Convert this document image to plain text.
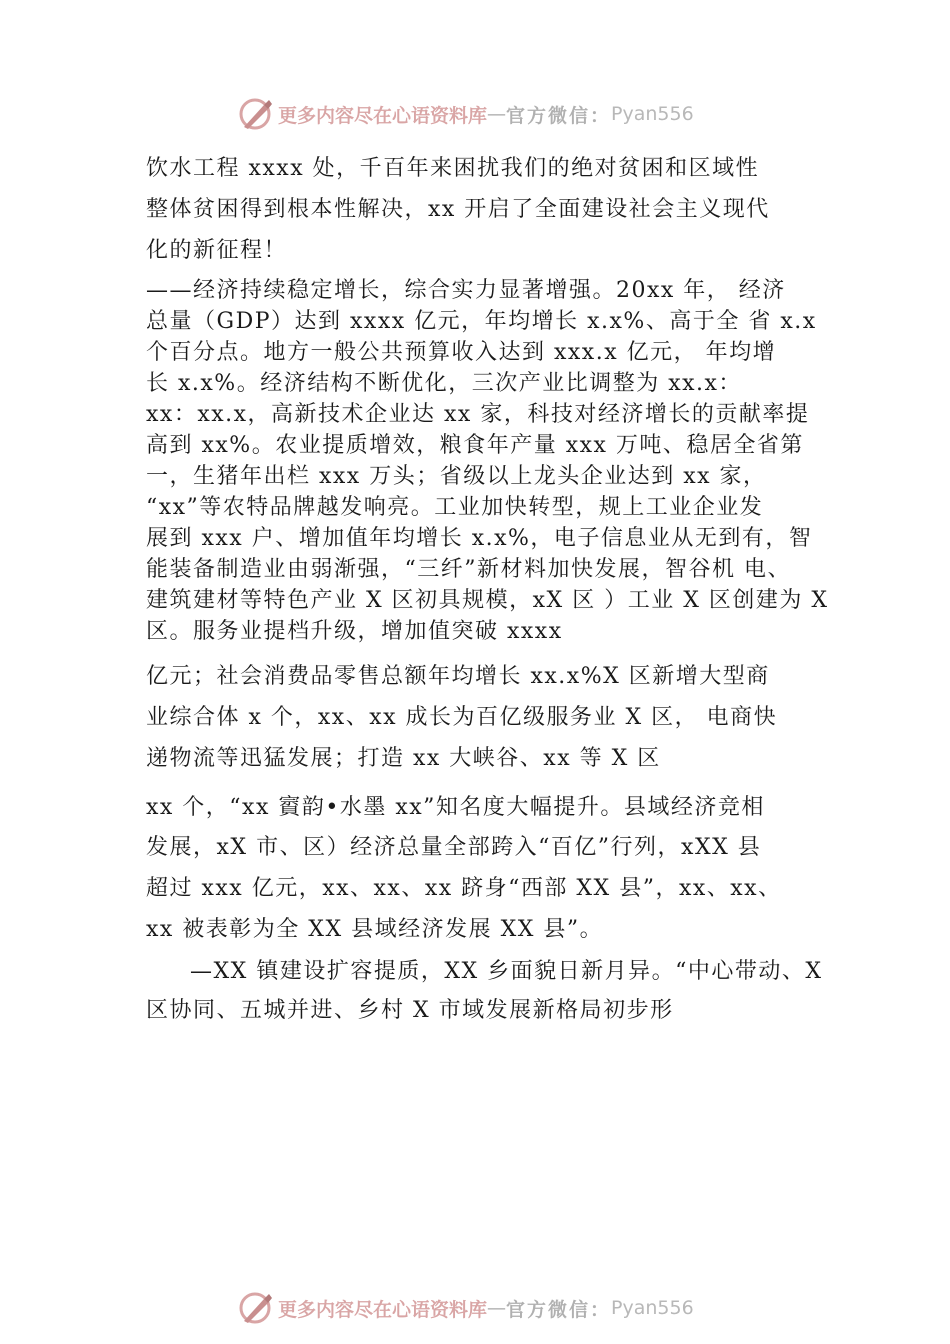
更多内容尽在心语资料库 — 官方微信： Pyan556
饮水工程 xxxx 处，千百年来困扰我们的绝对贫困和区域性
整体贫困得到根本性解决，xx 开启了全面建设社会主义现代
化的新征程！
——经济持续稳定增长，综合实力显著增强。20xx 年， 经济
总量（GDP）达到 xxxx 亿元，年均增长 x.x%、高于全 省 x.x
个百分点。地方一般公共预算收入达到 xxx.x 亿元， 年均增
长 x.x%。经济结构不断优化，三次产业比调整为 xx.x：
xx：xx.x，高新技术企业达 xx 家，科技对经济增长的贡献率提
高到 xx%。农业提质增效，粮食年产量 xxx 万吨、稳居全省第
一，生猪年出栏 xxx 万头；省级以上龙头企业达到 xx 家，
“xx”等农特品牌越发响亮。工业加快转型，规上工业企业发
展到 xxx 户、增加值年均增长 x.x%，电子信息业从无到有，智
能装备制造业由弱渐强，“三纤”新材料加快发展，智谷机 电、
建筑建材等特色产业 X 区初具规模，xX 区 ）工业 X 区创建为 X
区。服务业提档升级，增加值突破 xxxx
亿元；社会消费品零售总额年均增长 xx.x%X 区新增大型商
业综合体 x 个，xx、xx 成长为百亿级服务业 X 区， 电商快
递物流等迅猛发展；打造 xx 大峡谷、xx 等 X 区
xx 个，“xx 賨韵•水墨 xx”知名度大幅提升。县域经济竞相
发展，xX 市、区）经济总量全部跨入“百亿”行列，xXX 县
超过 xxx 亿元，xx、xx、xx 跻身“西部 XX 县”，xx、xx、
xx 被表彰为全 XX 县域经济发展 XX 县”。
—XX 镇建设扩容提质，XX 乡面貌日新月异。“中心带动、X
区协同、五城并进、乡村 X 市域发展新格局初步形
更多内容尽在心语资料库 — 官方微信： Pyan556
